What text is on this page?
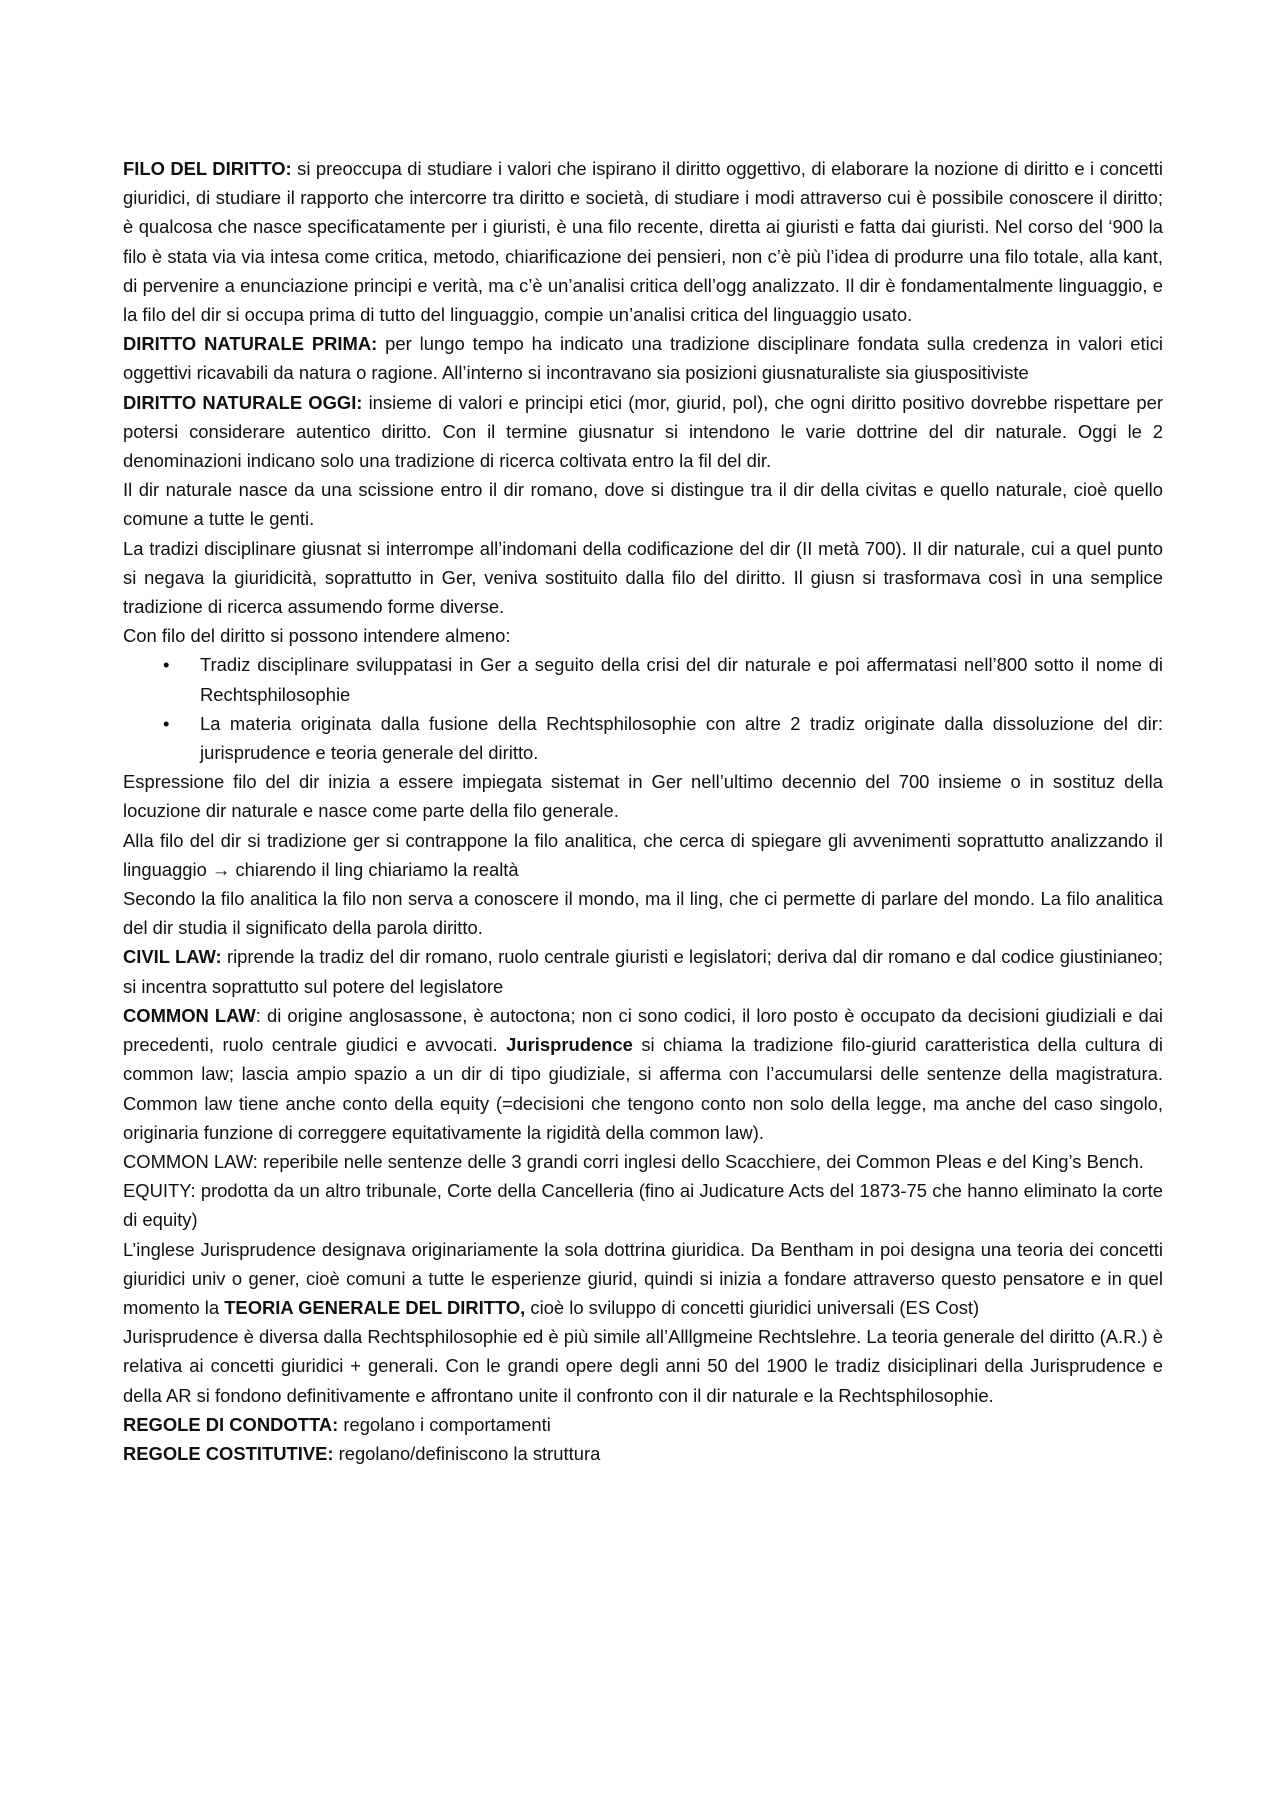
FILO DEL DIRITTO: si preoccupa di studiare i valori che ispirano il diritto oggettivo, di elaborare la nozione di diritto e i concetti giuridici, di studiare il rapporto che intercorre tra diritto e società, di studiare i modi attraverso cui è possibile conoscere il diritto; è qualcosa che nasce specificatamente per i giuristi, è una filo recente, diretta ai giuristi e fatta dai giuristi. Nel corso del ‘900 la filo è stata via via intesa come critica, metodo, chiarificazione dei pensieri, non c’è più l’idea di produrre una filo totale, alla kant, di pervenire a enunciazione principi e verità, ma c’è un’analisi critica dell’ogg analizzato. Il dir è fondamentalmente linguaggio, e la filo del dir si occupa prima di tutto del linguaggio, compie un’analisi critica del linguaggio usato.

DIRITTO NATURALE PRIMA: per lungo tempo ha indicato una tradizione disciplinare fondata sulla credenza in valori etici oggettivi ricavabili da natura o ragione. All’interno si incontravano sia posizioni giusnaturaliste sia giuspositiviste

DIRITTO NATURALE OGGI: insieme di valori e principi etici (mor, giurid, pol), che ogni diritto positivo dovrebbe rispettare per potersi considerare autentico diritto. Con il termine giusnatur si intendono le varie dottrine del dir naturale. Oggi le 2 denominazioni indicano solo una tradizione di ricerca coltivata entro la fil del dir.

Il dir naturale nasce da una scissione entro il dir romano, dove si distingue tra il dir della civitas e quello naturale, cioè quello comune a tutte le genti.

La tradizi disciplinare giusnat si interrompe all’indomani della codificazione del dir (II metà 700). Il dir naturale, cui a quel punto si negava la giuridicità, soprattutto in Ger, veniva sostituito dalla filo del diritto. Il giusn si trasformava così in una semplice tradizione di ricerca assumendo forme diverse.

Con filo del diritto si possono intendere almeno:

• Tradiz disciplinare sviluppatasi in Ger a seguito della crisi del dir naturale e poi affermatasi nell’800 sotto il nome di Rechtsphilosophie
• La materia originata dalla fusione della Rechtsphilosophie con altre 2 tradiz originate dalla dissoluzione del dir: jurisprudence e teoria generale del diritto.

Espressione filo del dir inizia a essere impiegata sistemat in Ger nell’ultimo decennio del 700 insieme o in sostituz della locuzione dir naturale e nasce come parte della filo generale.

Alla filo del dir si tradizione ger si contrappone la filo analitica, che cerca di spiegare gli avvenimenti soprattutto analizzando il linguaggio → chiarendo il ling chiariamo la realtà

Secondo la filo analitica la filo non serva a conoscere il mondo, ma il ling, che ci permette di parlare del mondo. La filo analitica del dir studia il significato della parola diritto.

CIVIL LAW: riprende la tradiz del dir romano, ruolo centrale giuristi e legislatori; deriva dal dir romano e dal codice giustinianeo; si incentra soprattutto sul potere del legislatore

COMMON LAW: di origine anglosassone, è autoctona; non ci sono codici, il loro posto è occupato da decisioni giudiziali e dai precedenti, ruolo centrale giudici e avvocati. Jurisprudence si chiama la tradizione filo-giurid caratteristica della cultura di common law; lascia ampio spazio a un dir di tipo giudiziale, si afferma con l’accumularsi delle sentenze della magistratura. Common law tiene anche conto della equity (=decisioni che tengono conto non solo della legge, ma anche del caso singolo, originaria funzione di correggere equitativamente la rigidità della common law).

COMMON LAW: reperibile nelle sentenze delle 3 grandi corri inglesi dello Scacchiere, dei Common Pleas e del King’s Bench.

EQUITY: prodotta da un altro tribunale, Corte della Cancelleria (fino ai Judicature Acts del 1873-75 che hanno eliminato la corte di equity)

L’inglese Jurisprudence designava originariamente la sola dottrina giuridica. Da Bentham in poi designa una teoria dei concetti giuridici univ o gener, cioè comuni a tutte le esperienze giurid, quindi si inizia a fondare attraverso questo pensatore e in quel momento la TEORIA GENERALE DEL DIRITTO, cioè lo sviluppo di concetti giuridici universali (ES Cost)

Jurisprudence è diversa dalla Rechtsphilosophie ed è più simile all’Alllgmeine Rechtslehre. La teoria generale del diritto (A.R.) è relativa ai concetti giuridici + generali. Con le grandi opere degli anni 50 del 1900 le tradiz disiciplinari della Jurisprudence e della AR si fondono definitivamente e affrontano unite il confronto con il dir naturale e la Rechtsphilosophie.

REGOLE DI CONDOTTA: regolano i comportamenti

REGOLE COSTITUTIVE: regolano/definiscono la struttura
